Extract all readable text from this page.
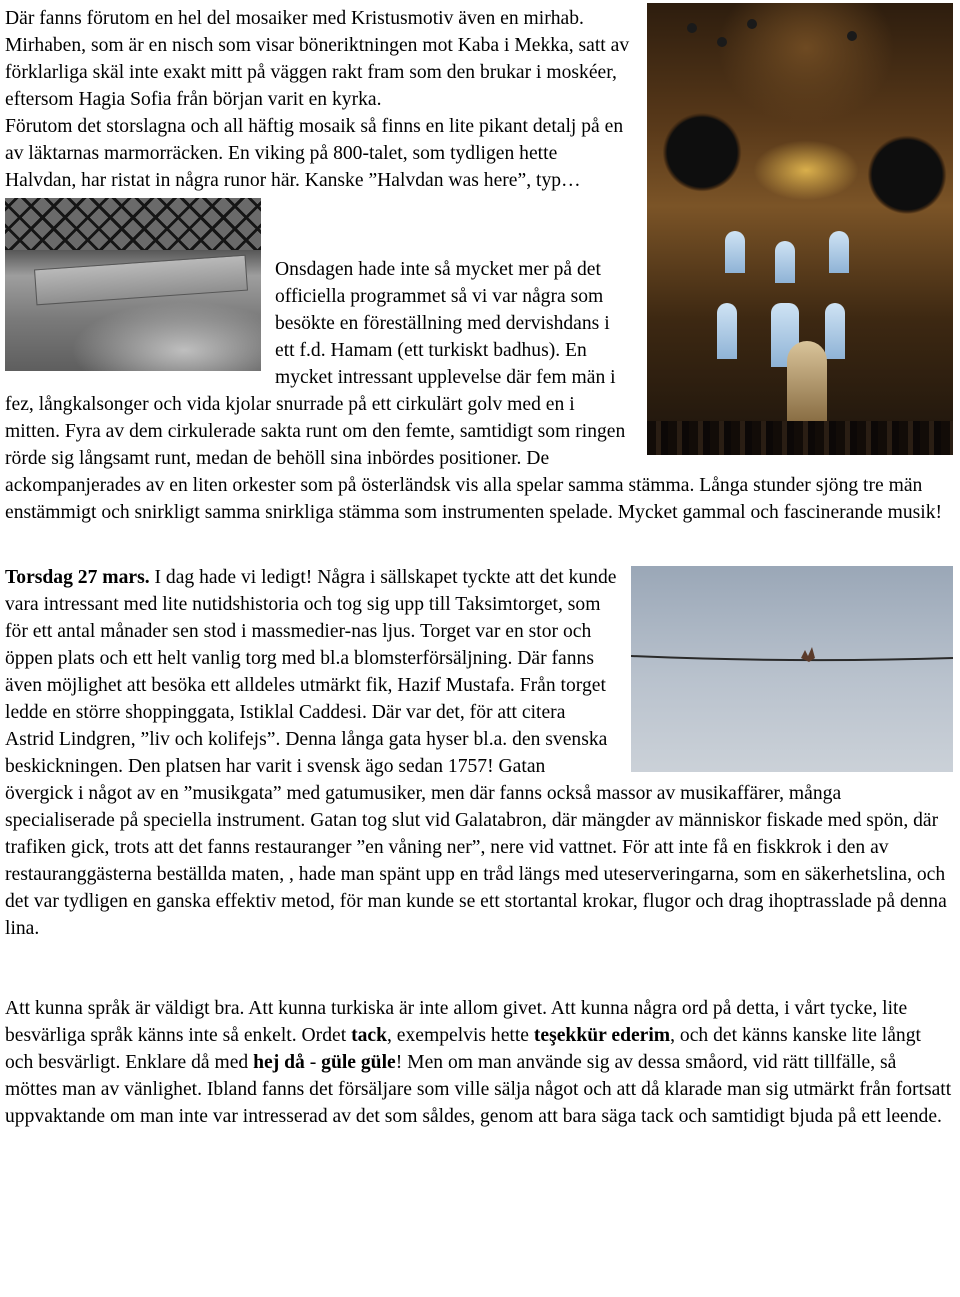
Där fanns förutom en hel del mosaiker med Kristusmotiv även en mirhab. Mirhaben, som är en nisch som visar böneriktningen mot Kaba i Mekka, satt av förklarliga skäl inte exakt mitt på väggen rakt fram som den brukar i moskéer, eftersom Hagia Sofia från början varit en kyrka.

Förutom det storslagna och all häftig mosaik så finns en lite pikant detalj på en av läktarnas marmorräcken. En viking på 800-talet, som tydligen hette Halvdan, har ristat in några runor här. Kanske ”Halvdan was here”, typ…

Onsdagen hade inte så mycket mer på det officiella programmet så vi var några som besökte en föreställning med dervishdans i ett f.d. Hamam (ett turkiskt badhus). En mycket intressant upplevelse där fem män i fez, långkalsonger och vida kjolar snurrade på ett cirkulärt golv med en i mitten. Fyra av dem cirkulerade sakta runt om den femte, samtidigt som ringen rörde sig långsamt runt, medan de behöll sina inbördes positioner. De ackompanjerades av en liten orkester som på österländsk vis alla spelar samma stämma. Långa stunder sjöng tre män enstämmigt och snirkligt samma snirkliga stämma som instrumenten spelade. Mycket gammal och fascinerande musik!

Torsdag 27 mars. I dag hade vi ledigt! Några i sällskapet tyckte att det kunde vara intressant med lite nutidshistoria och tog sig upp till Taksimtorget, som för ett antal månader sen stod i massmedier-nas ljus. Torget var en stor och öppen plats och ett helt vanlig torg med bl.a blomsterförsäljning. Där fanns även möjlighet att besöka ett alldeles utmärkt fik, Hazif Mustafa. Från torget ledde en större shoppinggata, Istiklal Caddesi. Där var det, för att citera Astrid Lindgren, ”liv och kolifejs”. Denna långa gata hyser bl.a. den svenska beskickningen. Den platsen har varit i svensk ägo sedan 1757! Gatan övergick i något av en ”musikgata” med gatumusiker, men där fanns också massor av musikaffärer, många specialiserade på speciella instrument. Gatan tog slut vid Galatabron, där mängder av människor fiskade med spön, där trafiken gick, trots att det fanns restauranger ”en våning ner”, nere vid vattnet. För att inte få en fiskkrok i den av restauranggästerna beställda maten, , hade man spänt upp en tråd längs med uteserveringarna, som en säkerhetslina, och det var tydligen en ganska effektiv metod, för man kunde se ett stortantal krokar, flugor och drag ihoptrasslade på denna lina.

Att kunna språk är väldigt bra. Att kunna turkiska är inte allom givet. Att kunna några ord på detta, i vårt tycke, lite besvärliga språk känns inte så enkelt. Ordet tack, exempelvis hette teşekkür ederim, och det känns kanske lite långt och besvärligt. Enklare då med hej då - güle güle! Men om man använde sig av dessa småord, vid rätt tillfälle, så möttes man av vänlighet. Ibland fanns det försäljare som ville sälja något och att då klarade man sig utmärkt från fortsatt uppvaktande om man inte var intresserad av det som såldes, genom att bara säga tack och samtidigt bjuda på ett leende.
